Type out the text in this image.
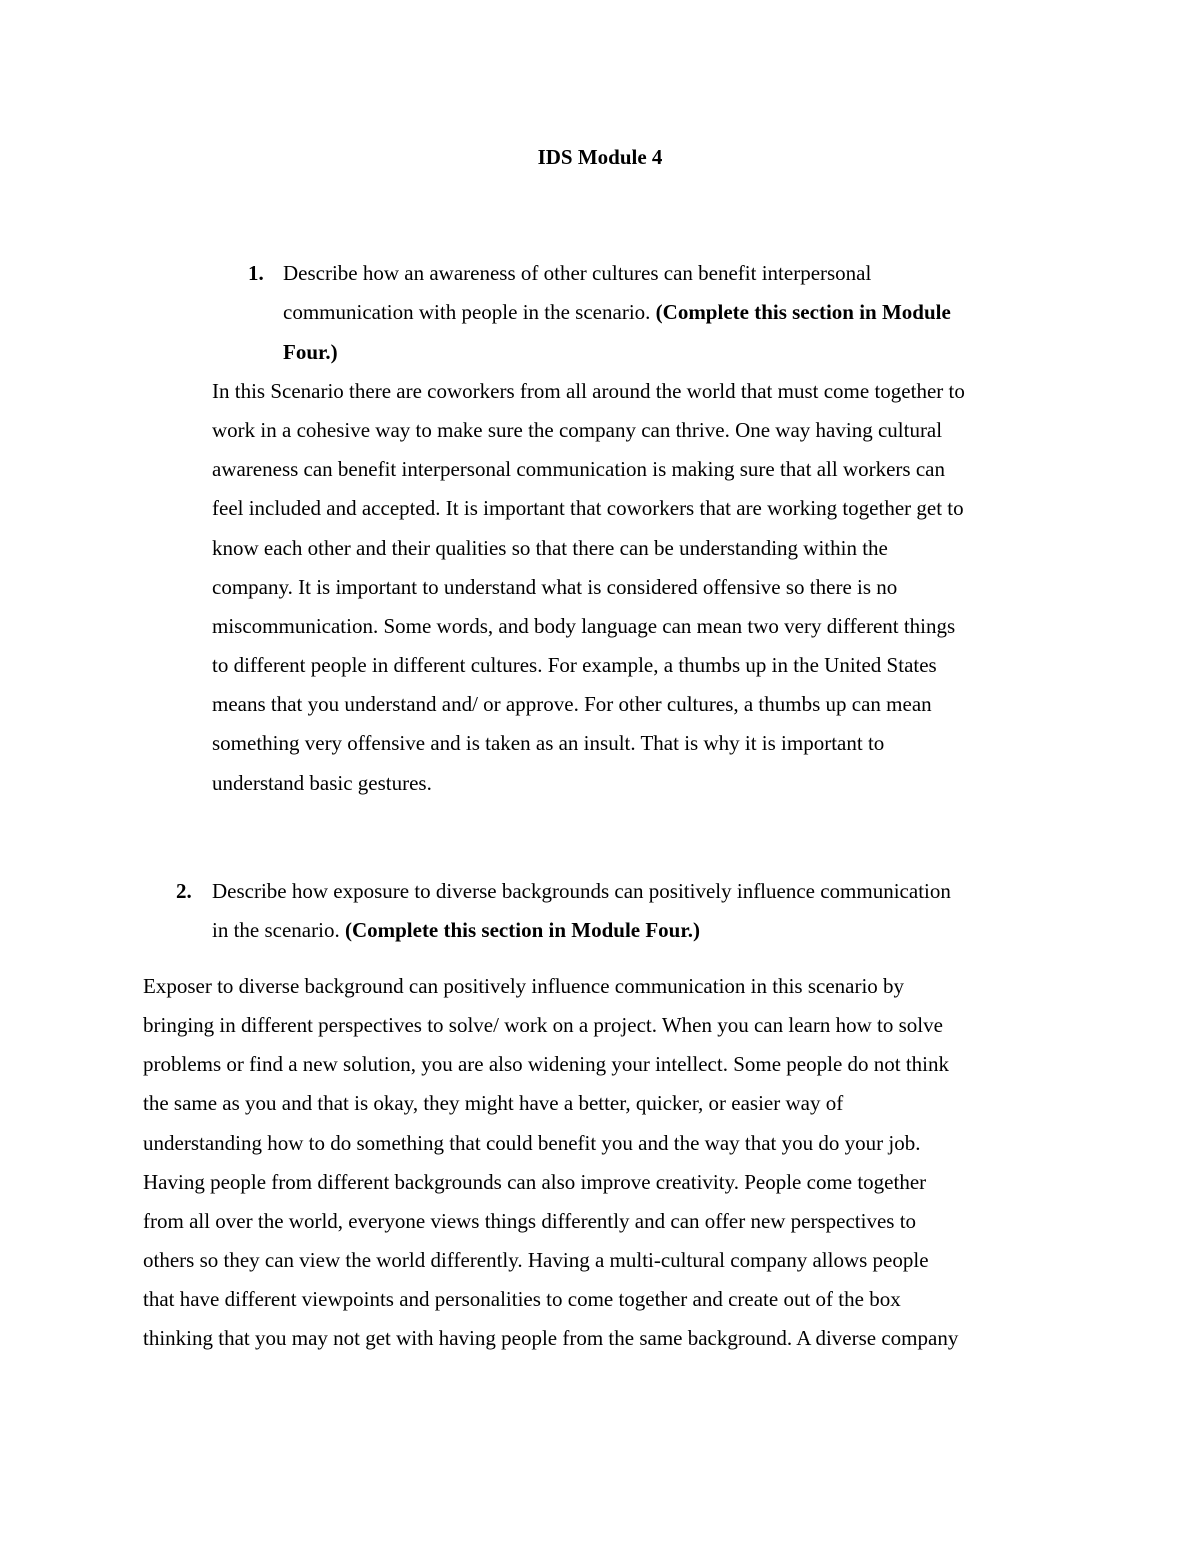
IDS Module 4
1. Describe how an awareness of other cultures can benefit interpersonal
communication with people in the scenario. (Complete this section in Module
Four.)
In this Scenario there are coworkers from all around the world that must come together to
work in a cohesive way to make sure the company can thrive. One way having cultural
awareness can benefit interpersonal communication is making sure that all workers can
feel included and accepted. It is important that coworkers that are working together get to
know each other and their qualities so that there can be understanding within the
company. It is important to understand what is considered offensive so there is no
miscommunication. Some words, and body language can mean two very different things
to different people in different cultures. For example, a thumbs up in the United States
means that you understand and/ or approve. For other cultures, a thumbs up can mean
something very offensive and is taken as an insult. That is why it is important to
understand basic gestures.
2. Describe how exposure to diverse backgrounds can positively influence communication
in the scenario. (Complete this section in Module Four.)
Exposer to diverse background can positively influence communication in this scenario by
bringing in different perspectives to solve/ work on a project. When you can learn how to solve
problems or find a new solution, you are also widening your intellect. Some people do not think
the same as you and that is okay, they might have a better, quicker, or easier way of
understanding how to do something that could benefit you and the way that you do your job.
Having people from different backgrounds can also improve creativity. People come together
from all over the world, everyone views things differently and can offer new perspectives to
others so they can view the world differently. Having a multi-cultural company allows people
that have different viewpoints and personalities to come together and create out of the box
thinking that you may not get with having people from the same background. A diverse company
